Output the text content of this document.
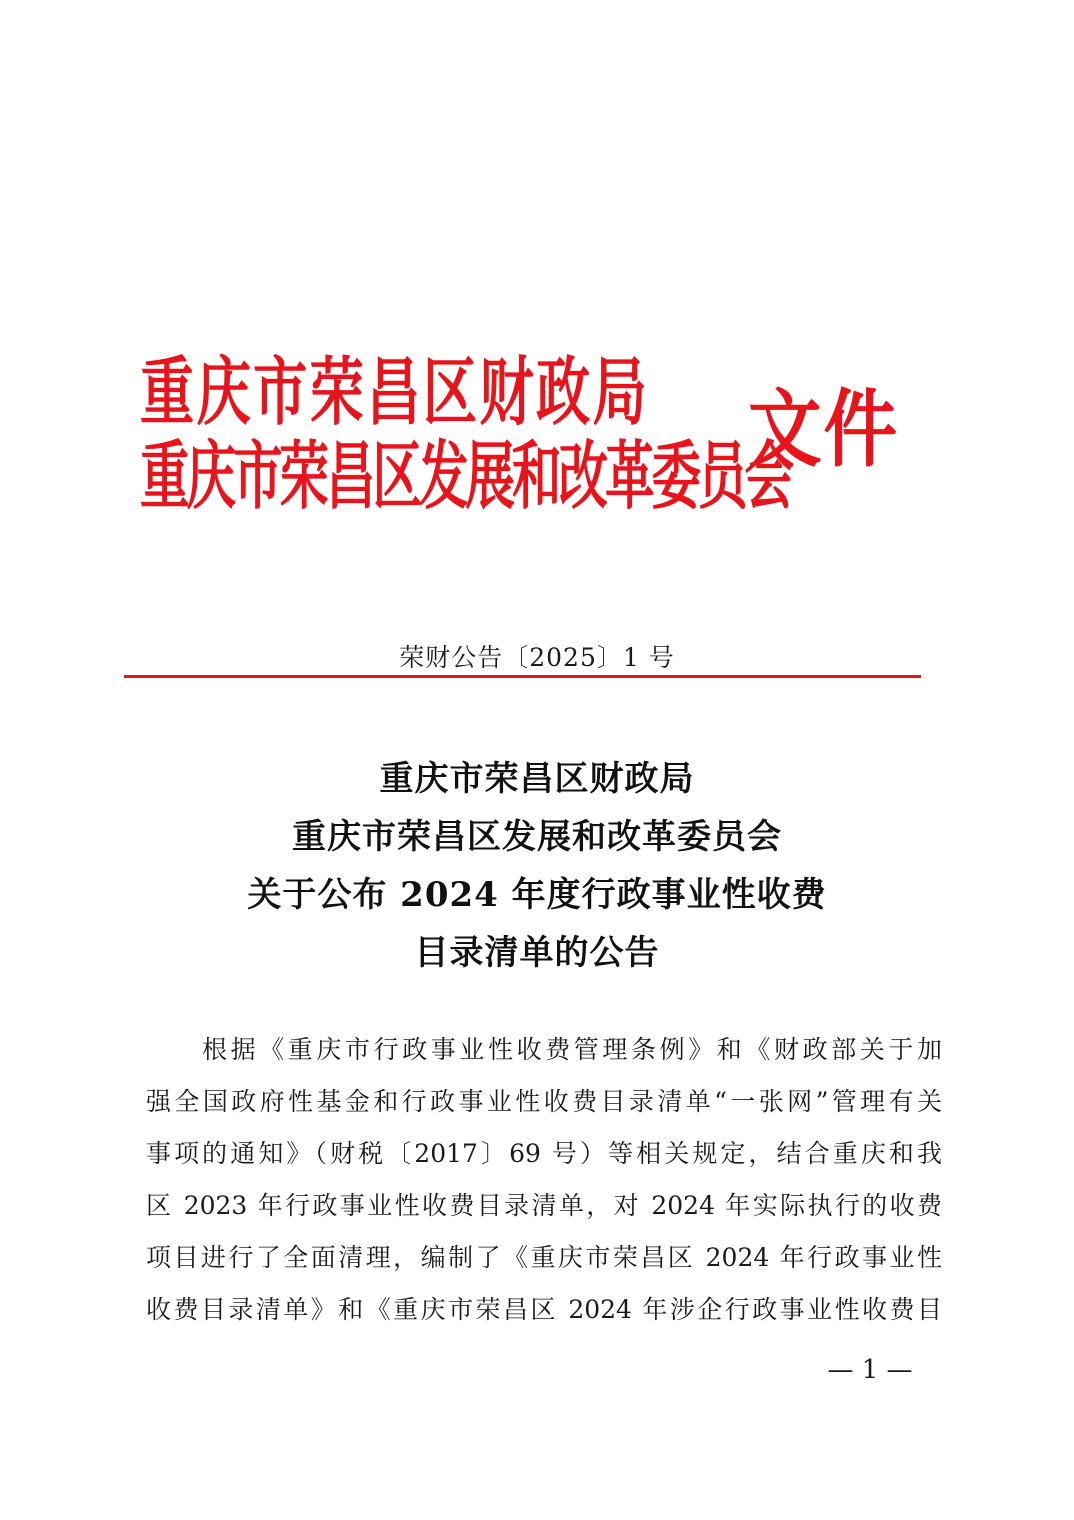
重庆市荣昌区财政局
重庆市荣昌区发展和改革委员会
文件
荣财公告〔2025〕1 号
重庆市荣昌区财政局
重庆市荣昌区发展和改革委员会
关于公布 2024 年度行政事业性收费
目录清单的公告
根据《重庆市行政事业性收费管理条例》和《财政部关于加
强全国政府性基金和行政事业性收费目录清单“一张网”管理有关
事项的通知》（财税〔2017〕69 号）等相关规定，结合重庆和我
区 2023 年行政事业性收费目录清单，对 2024 年实际执行的收费
项目进行了全面清理，编制了《重庆市荣昌区 2024 年行政事业性
收费目录清单》和《重庆市荣昌区 2024 年涉企行政事业性收费目
— 1 —
